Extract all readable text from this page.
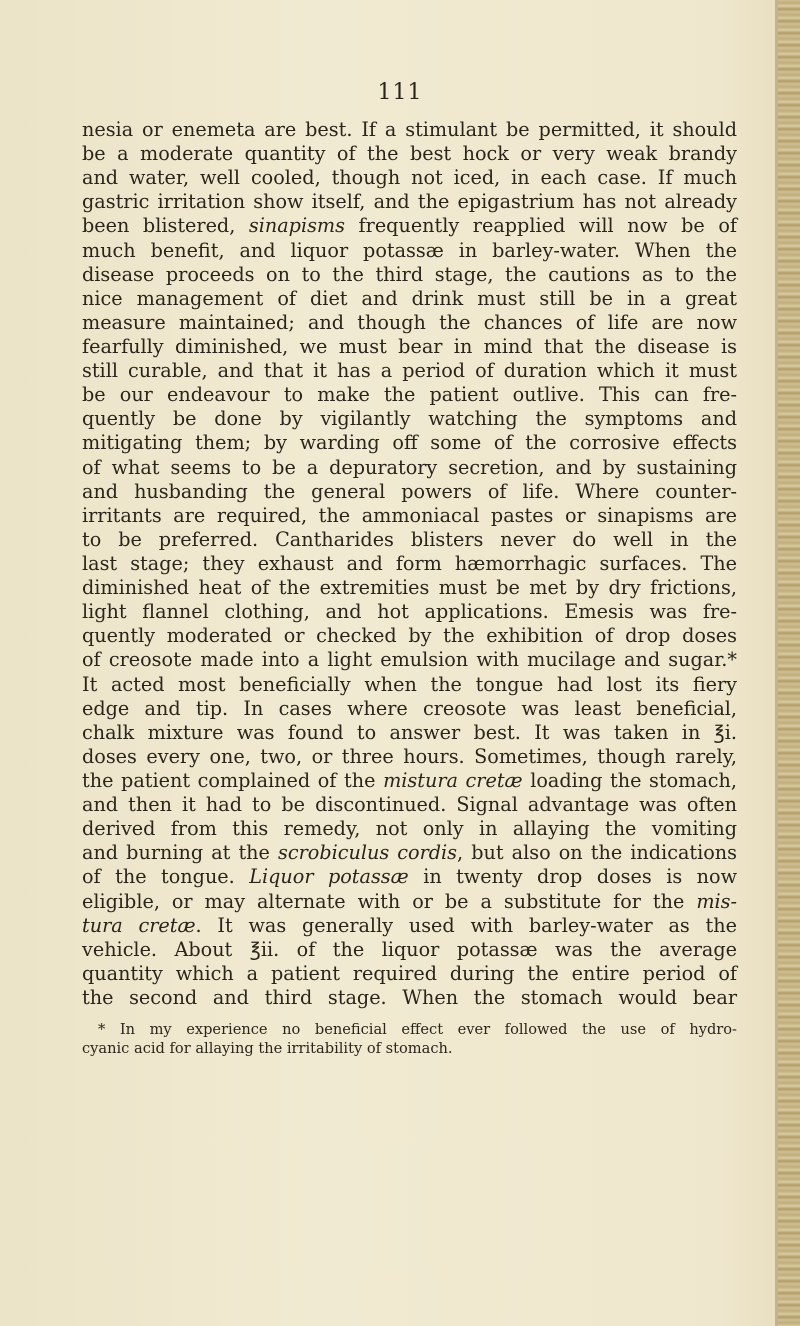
111
nesia or enemeta are best. If a stimulant be permitted, it should
be a moderate quantity of the best hock or very weak brandy
and water, well cooled, though not iced, in each case. If much
gastric irritation show itself, and the epigastrium has not already
been blistered, sinapisms frequently reapplied will now be of
much benefit, and liquor potassæ in barley-water. When the
disease proceeds on to the third stage, the cautions as to the
nice management of diet and drink must still be in a great
measure maintained; and though the chances of life are now
fearfully diminished, we must bear in mind that the disease is
still curable, and that it has a period of duration which it must
be our endeavour to make the patient outlive. This can fre-
quently be done by vigilantly watching the symptoms and
mitigating them; by warding off some of the corrosive effects
of what seems to be a depuratory secretion, and by sustaining
and husbanding the general powers of life. Where counter-
irritants are required, the ammoniacal pastes or sinapisms are
to be preferred. Cantharides blisters never do well in the
last stage; they exhaust and form hæmorrhagic surfaces. The
diminished heat of the extremities must be met by dry frictions,
light flannel clothing, and hot applications. Emesis was fre-
quently moderated or checked by the exhibition of drop doses
of creosote made into a light emulsion with mucilage and sugar.*
It acted most beneficially when the tongue had lost its fiery
edge and tip. In cases where creosote was least beneficial,
chalk mixture was found to answer best. It was taken in ℥i.
doses every one, two, or three hours. Sometimes, though rarely,
the patient complained of the mistura cretæ loading the stomach,
and then it had to be discontinued. Signal advantage was often
derived from this remedy, not only in allaying the vomiting
and burning at the scrobiculus cordis, but also on the indications
of the tongue. Liquor potassæ in twenty drop doses is now
eligible, or may alternate with or be a substitute for the mis-
tura cretæ. It was generally used with barley-water as the
vehicle. About ℥ii. of the liquor potassæ was the average
quantity which a patient required during the entire period of
the second and third stage. When the stomach would bear
* In my experience no beneficial effect ever followed the use of hydro-
cyanic acid for allaying the irritability of stomach.
